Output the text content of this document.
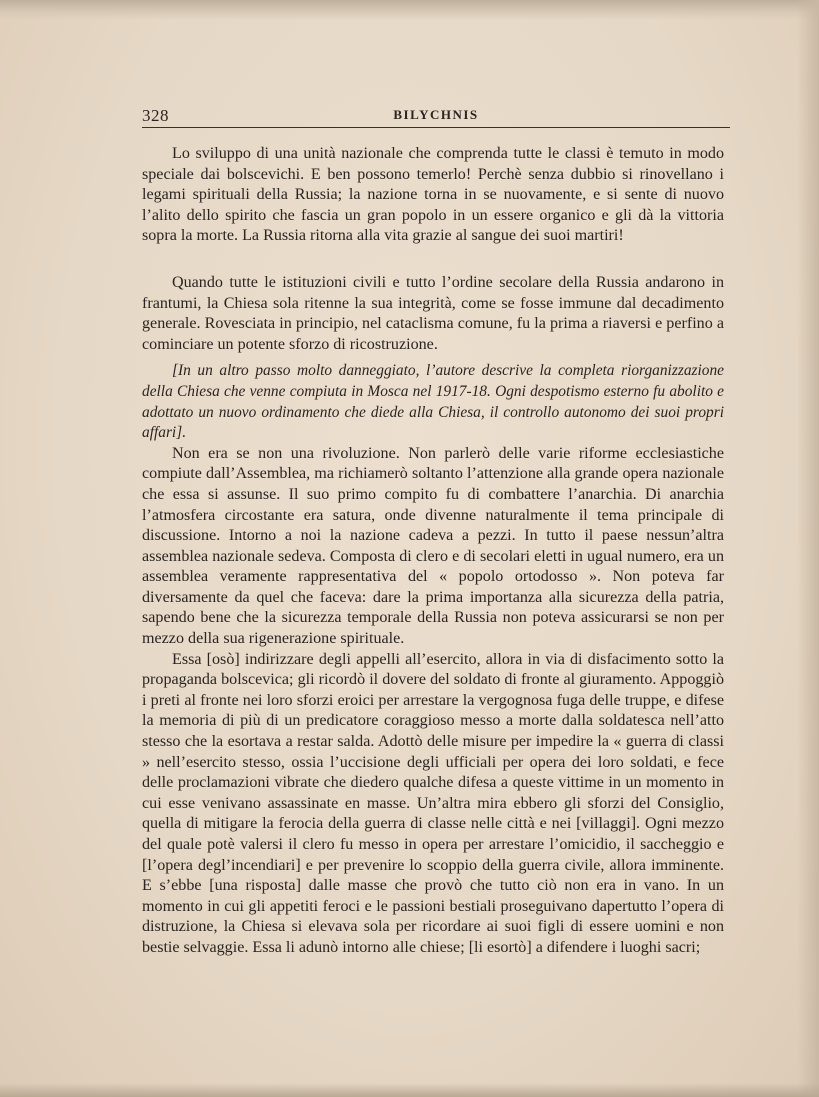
328	BILYCHNIS

Lo sviluppo di una unità nazionale che comprenda tutte le classi è temuto in modo speciale dai bolscevichi. E ben possono temerlo! Perchè senza dubbio si rinovellano i legami spirituali della Russia; la nazione torna in se nuovamente, e si sente di nuovo l’alito dello spirito che fascia un gran popolo in un essere organico e gli dà la vittoria sopra la morte. La Russia ritorna alla vita grazie al sangue dei suoi martiri!

Quando tutte le istituzioni civili e tutto l’ordine secolare della Russia andarono in frantumi, la Chiesa sola ritenne la sua integrità, come se fosse immune dal decadimento generale. Rovesciata in principio, nel cataclisma comune, fu la prima a riaversi e perfino a cominciare un potente sforzo di ricostruzione.

[In un altro passo molto danneggiato, l’autore descrive la completa riorganizzazione della Chiesa che venne compiuta in Mosca nel 1917-18. Ogni despotismo esterno fu abolito e adottato un nuovo ordinamento che diede alla Chiesa, il controllo autonomo dei suoi propri affari].

Non era se non una rivoluzione. Non parlerò delle varie riforme ecclesiastiche compiute dall’Assemblea, ma richiamerò soltanto l’attenzione alla grande opera nazionale che essa si assunse. Il suo primo compito fu di combattere l’anarchia. Di anarchia l’atmosfera circostante era satura, onde divenne naturalmente il tema principale di discussione. Intorno a noi la nazione cadeva a pezzi. In tutto il paese nessun’altra assemblea nazionale sedeva. Composta di clero e di secolari eletti in ugual numero, era un assemblea veramente rappresentativa del « popolo ortodosso ». Non poteva far diversamente da quel che faceva: dare la prima importanza alla sicurezza della patria, sapendo bene che la sicurezza temporale della Russia non poteva assicurarsi se non per mezzo della sua rigenerazione spirituale.

Essa [osò] indirizzare degli appelli all’esercito, allora in via di disfacimento sotto la propaganda bolscevica; gli ricordò il dovere del soldato di fronte al giuramento. Appoggiò i preti al fronte nei loro sforzi eroici per arrestare la vergognosa fuga delle truppe, e difese la memoria di più di un predicatore coraggioso messo a morte dalla soldatesca nell’atto stesso che la esortava a restar salda. Adottò delle misure per impedire la « guerra di classi » nell’esercito stesso, ossia l’uccisione degli ufficiali per opera dei loro soldati, e fece delle proclamazioni vibrate che diedero qualche difesa a queste vittime in un momento in cui esse venivano assassinate en masse. Un’altra mira ebbero gli sforzi del Consiglio, quella di mitigare la ferocia della guerra di classe nelle città e nei [villaggi]. Ogni mezzo del quale potè valersi il clero fu messo in opera per arrestare l’omicidio, il saccheggio e [l’opera degl’incendiari] e per prevenire lo scoppio della guerra civile, allora imminente. E s’ebbe [una risposta] dalle masse che provò che tutto ciò non era in vano. In un momento in cui gli appetiti feroci e le passioni bestiali proseguivano dapertutto l’opera di distruzione, la Chiesa si elevava sola per ricordare ai suoi figli di essere uomini e non bestie selvaggie. Essa li adunò intorno alle chiese; [li esortò] a difendere i luoghi sacri;
